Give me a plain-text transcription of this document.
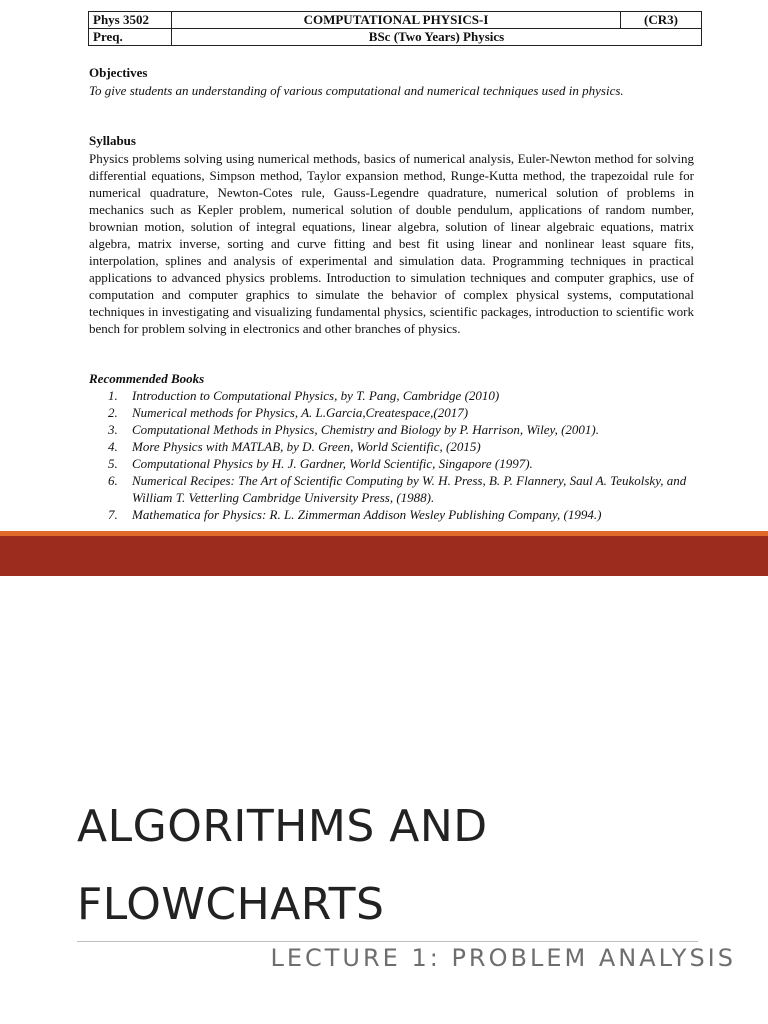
Phys 3502	COMPUTATIONAL PHYSICS-I	(CR3)
Preq.	BSc (Two Years) Physics	
Objectives
To give students an understanding of various computational and numerical techniques used in physics.
Syllabus
Physics problems solving using numerical methods, basics of numerical analysis, Euler-Newton method for solving differential equations, Simpson method, Taylor expansion method, Runge-Kutta method, the trapezoidal rule for numerical quadrature, Newton-Cotes rule, Gauss-Legendre quadrature, numerical solution of problems in mechanics such as Kepler problem, numerical solution of double pendulum, applications of random number, brownian motion, solution of integral equations, linear algebra, solution of linear algebraic equations, matrix algebra, matrix inverse, sorting and curve fitting and best fit using linear and nonlinear least square fits, interpolation, splines and analysis of experimental and simulation data. Programming techniques in practical applications to advanced physics problems. Introduction to simulation techniques and computer graphics, use of computation and computer graphics to simulate the behavior of complex physical systems, computational techniques in investigating and visualizing fundamental physics, scientific packages, introduction to scientific work bench for problem solving in electronics and other branches of physics.
Recommended Books
1.	Introduction to Computational Physics, by T. Pang, Cambridge (2010)
2.	Numerical methods for Physics, A. L.Garcia,Createspace,(2017)
3.	Computational Methods in Physics, Chemistry and Biology by P. Harrison, Wiley, (2001).
4.	More Physics with MATLAB, by D. Green, World Scientific, (2015)
5.	Computational Physics by H. J. Gardner, World Scientific, Singapore (1997).
6.	Numerical Recipes: The Art of Scientific Computing by W. H. Press, B. P. Flannery, Saul A. Teukolsky, and William T. Vetterling Cambridge University Press, (1988).
7.	Mathematica for Physics: R. L. Zimmerman Addison Wesley Publishing Company, (1994.)
ALGORITHMS AND
FLOWCHARTS
LECTURE 1: PROBLEM ANALYSIS
